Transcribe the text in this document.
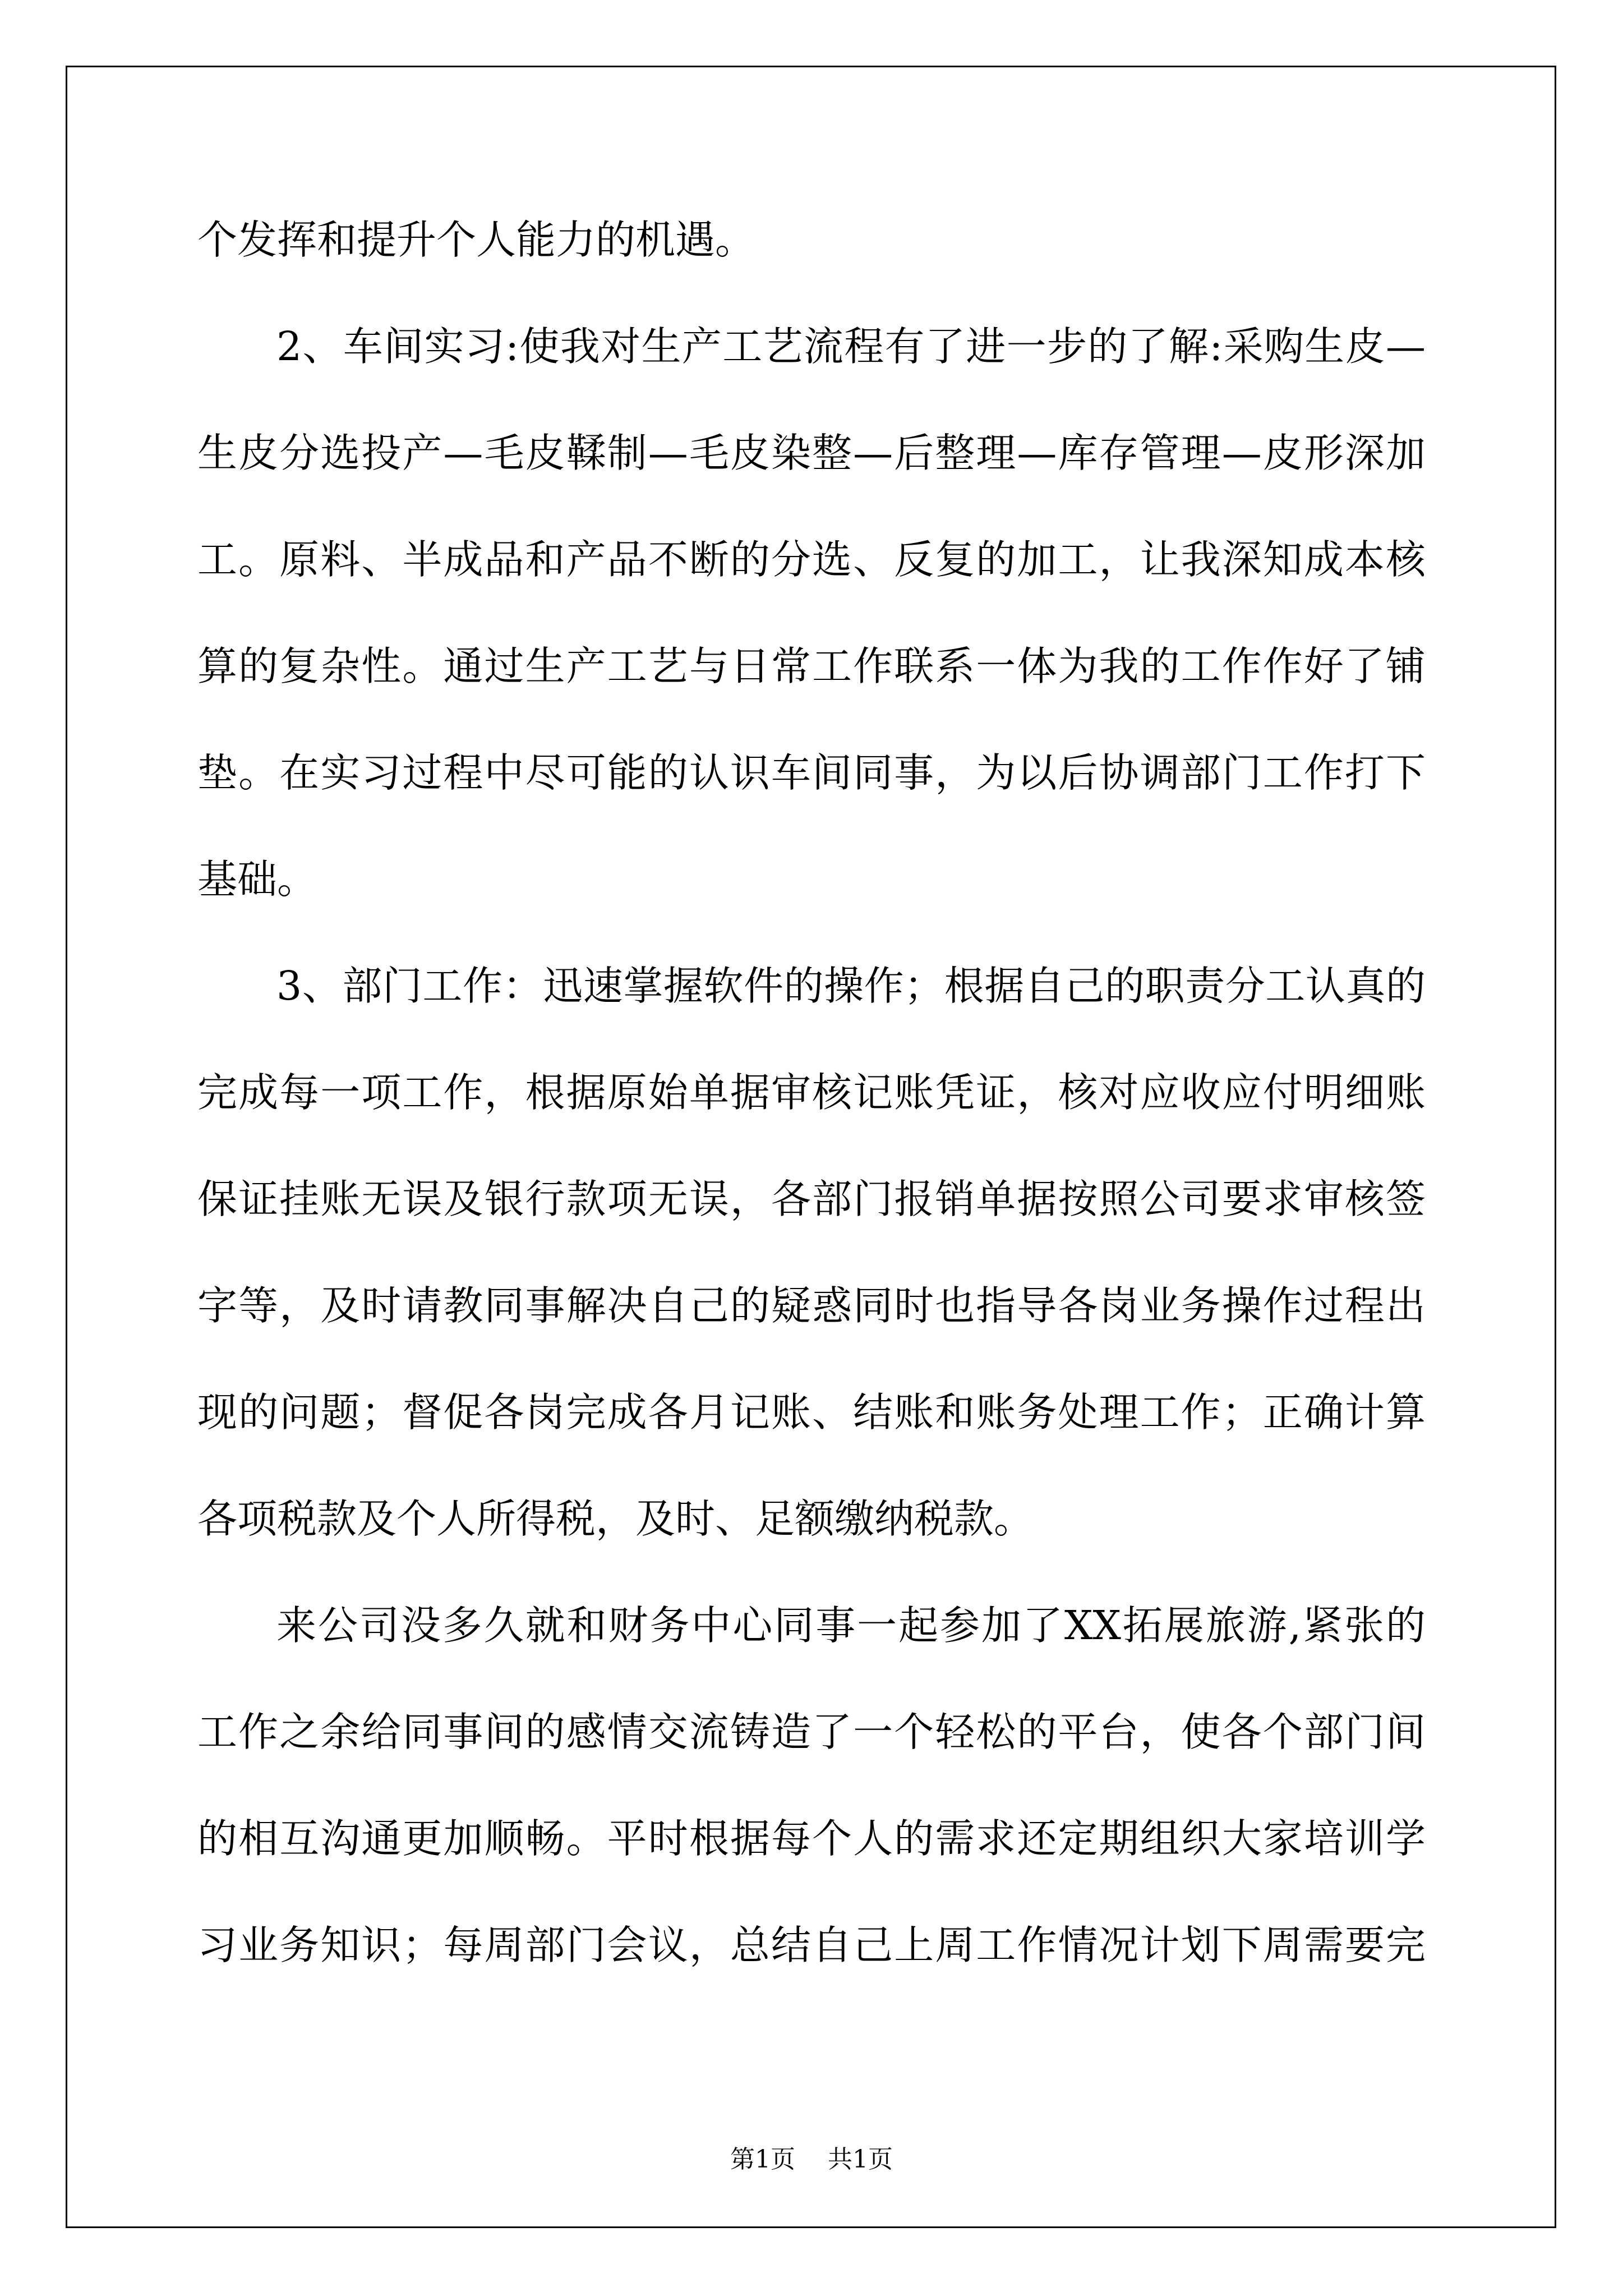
个发挥和提升个人能力的机遇。
2、车间实习:使我对生产工艺流程有了进一步的了解:采购生皮—
生皮分选投产—毛皮鞣制—毛皮染整—后整理—库存管理—皮形深加
工。原料、半成品和产品不断的分选、反复的加工，让我深知成本核
算的复杂性。通过生产工艺与日常工作联系一体为我的工作作好了铺
垫。在实习过程中尽可能的认识车间同事，为以后协调部门工作打下
基础。
3、部门工作：迅速掌握软件的操作；根据自己的职责分工认真的
完成每一项工作，根据原始单据审核记账凭证，核对应收应付明细账
保证挂账无误及银行款项无误，各部门报销单据按照公司要求审核签
字等，及时请教同事解决自己的疑惑同时也指导各岗业务操作过程出
现的问题；督促各岗完成各月记账、结账和账务处理工作；正确计算
各项税款及个人所得税，及时、足额缴纳税款。
来公司没多久就和财务中心同事一起参加了XX拓展旅游,紧张的
工作之余给同事间的感情交流铸造了一个轻松的平台，使各个部门间
的相互沟通更加顺畅。平时根据每个人的需求还定期组织大家培训学
习业务知识；每周部门会议，总结自己上周工作情况计划下周需要完
第1页 共1页
